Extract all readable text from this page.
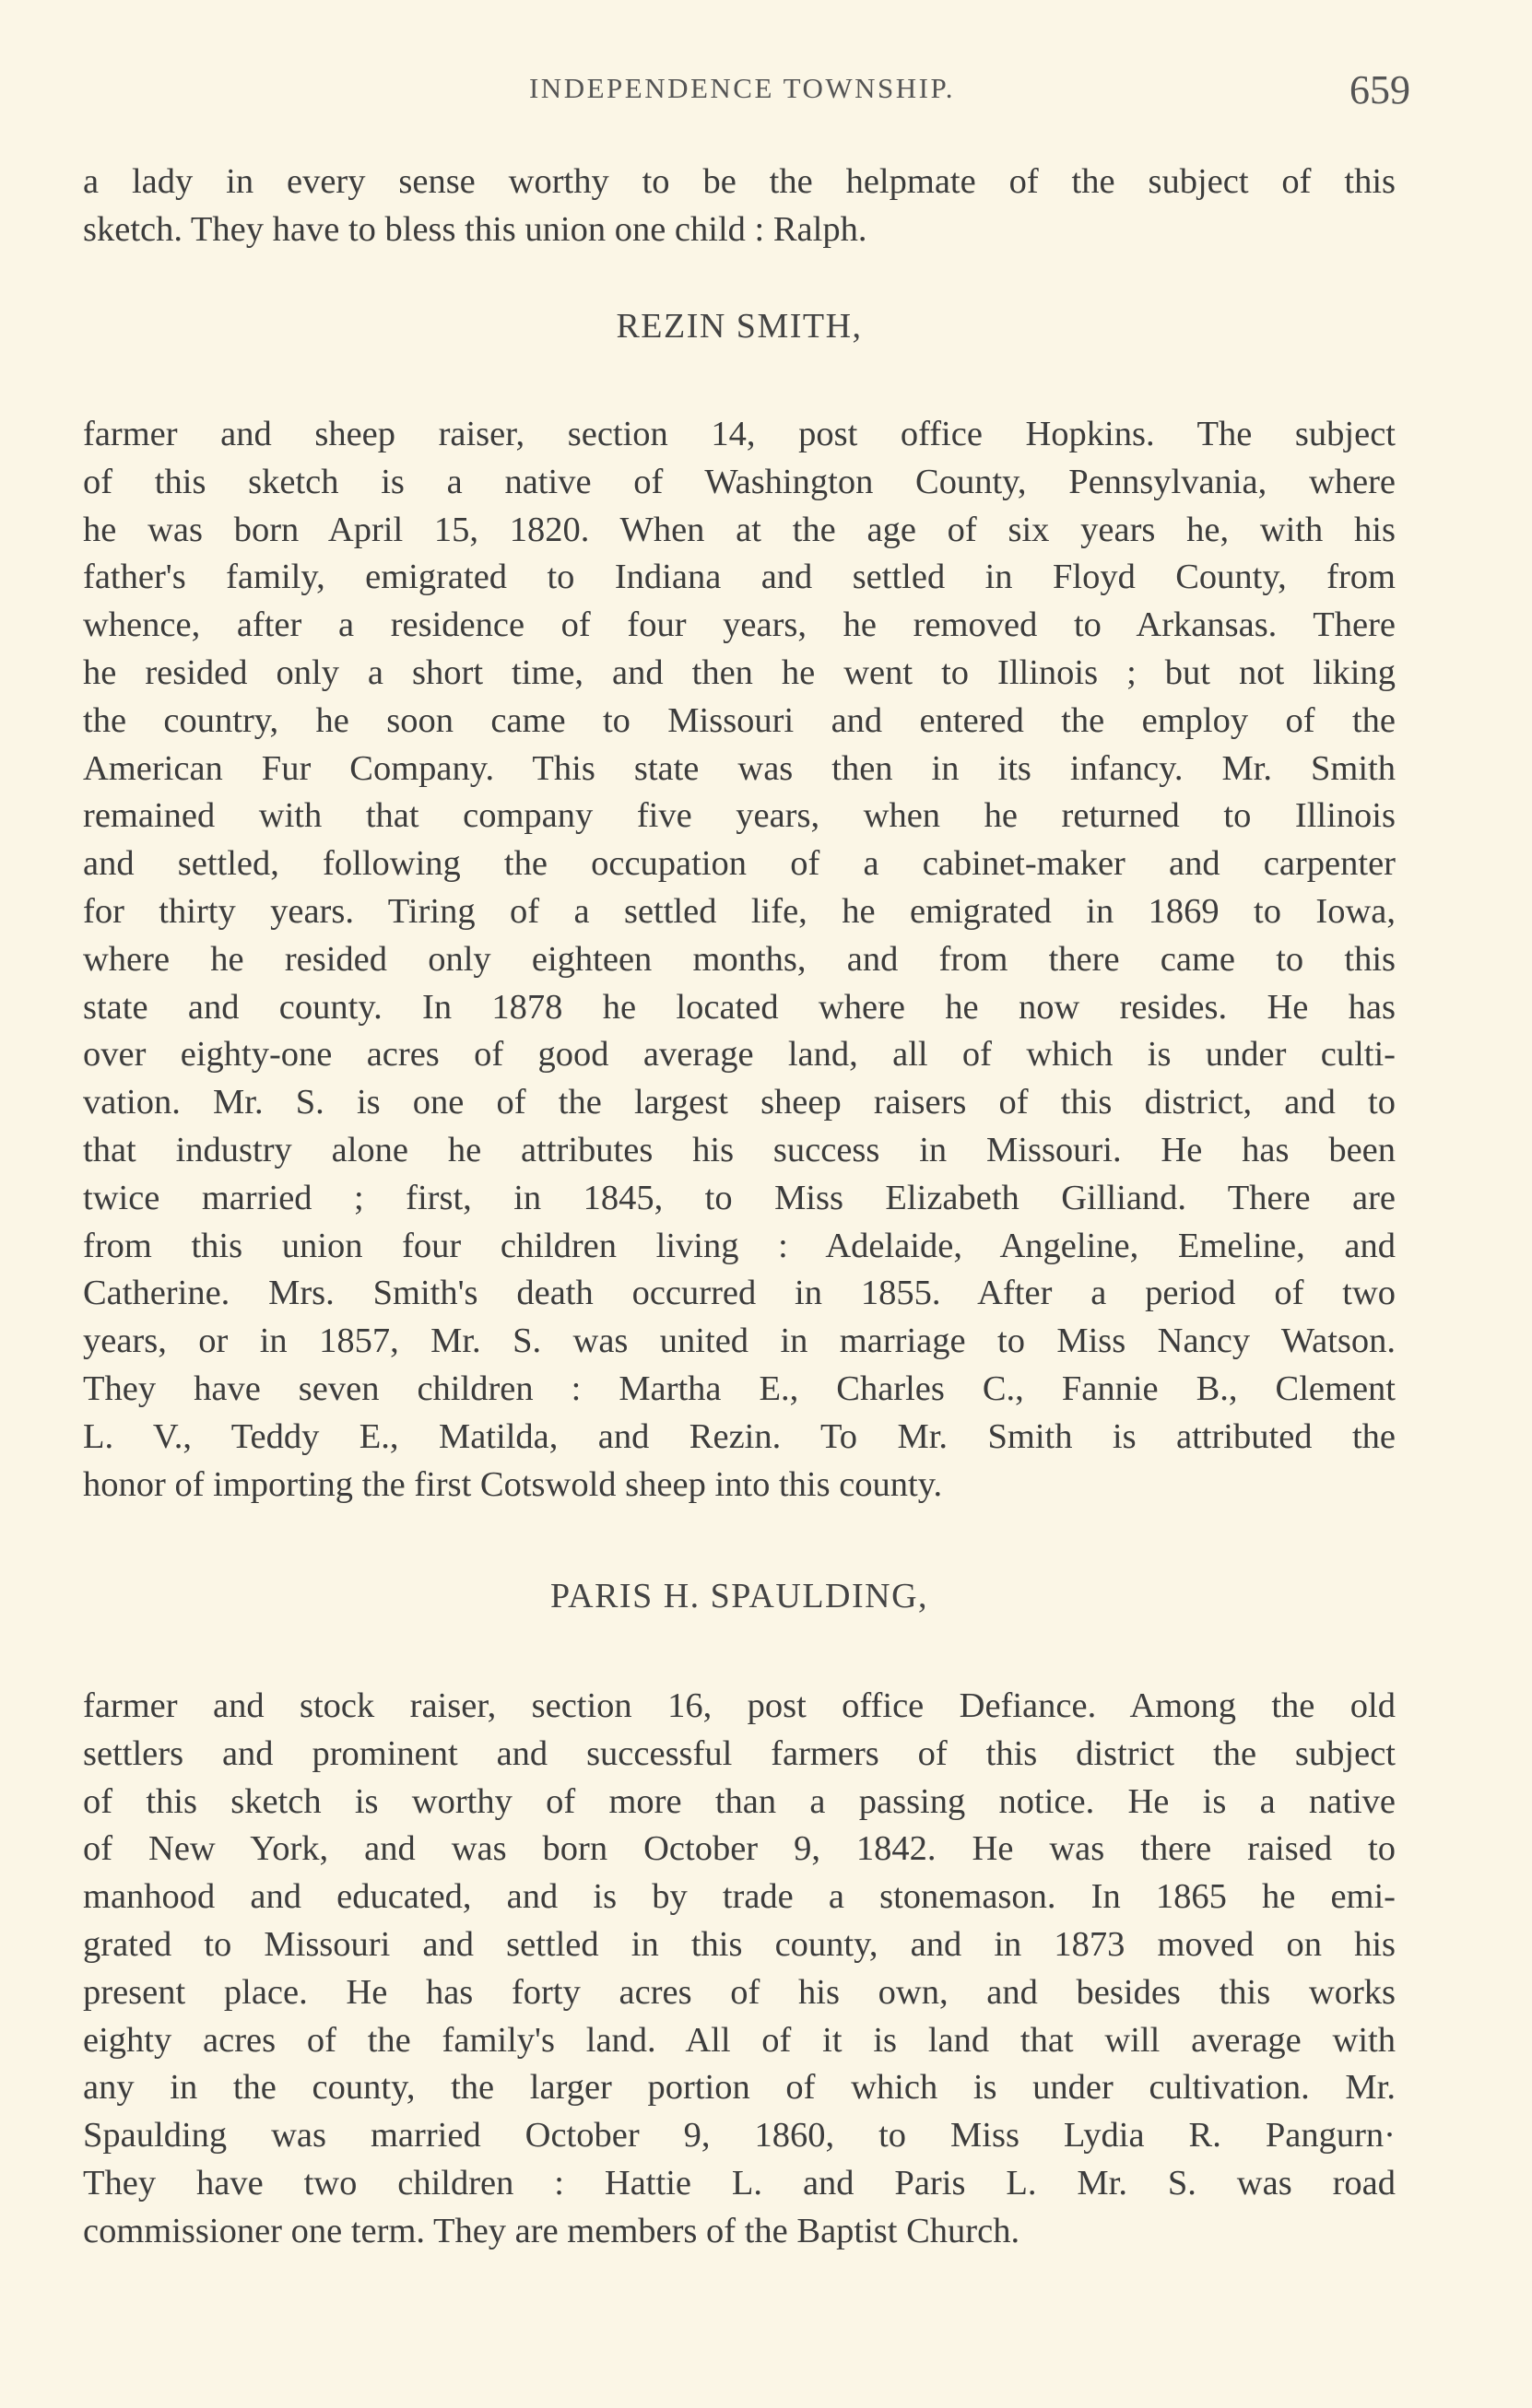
INDEPENDENCE TOWNSHIP.	659

a lady in every sense worthy to be the helpmate of the subject of this
sketch. They have to bless this union one child : Ralph.

REZIN SMITH,

farmer and sheep raiser, section 14, post office Hopkins. The subject
of this sketch is a native of Washington County, Pennsylvania, where
he was born April 15, 1820. When at the age of six years he, with his
father's family, emigrated to Indiana and settled in Floyd County, from
whence, after a residence of four years, he removed to Arkansas. There
he resided only a short time, and then he went to Illinois ; but not liking
the country, he soon came to Missouri and entered the employ of the
American Fur Company. This state was then in its infancy. Mr. Smith
remained with that company five years, when he returned to Illinois
and settled, following the occupation of a cabinet-maker and carpenter
for thirty years. Tiring of a settled life, he emigrated in 1869 to Iowa,
where he resided only eighteen months, and from there came to this
state and county. In 1878 he located where he now resides. He has
over eighty-one acres of good average land, all of which is under culti-
vation. Mr. S. is one of the largest sheep raisers of this district, and to
that industry alone he attributes his success in Missouri. He has been
twice married ; first, in 1845, to Miss Elizabeth Gilliand. There are
from this union four children living : Adelaide, Angeline, Emeline, and
Catherine. Mrs. Smith's death occurred in 1855. After a period of two
years, or in 1857, Mr. S. was united in marriage to Miss Nancy Watson.
They have seven children : Martha E., Charles C., Fannie B., Clement
L. V., Teddy E., Matilda, and Rezin. To Mr. Smith is attributed the
honor of importing the first Cotswold sheep into this county.

PARIS H. SPAULDING,

farmer and stock raiser, section 16, post office Defiance. Among the old
settlers and prominent and successful farmers of this district the subject
of this sketch is worthy of more than a passing notice. He is a native
of New York, and was born October 9, 1842. He was there raised to
manhood and educated, and is by trade a stonemason. In 1865 he emi-
grated to Missouri and settled in this county, and in 1873 moved on his
present place. He has forty acres of his own, and besides this works
eighty acres of the family's land. All of it is land that will average with
any in the county, the larger portion of which is under cultivation. Mr.
Spaulding was married October 9, 1860, to Miss Lydia R. Pangurn·
They have two children : Hattie L. and Paris L. Mr. S. was road
commissioner one term. They are members of the Baptist Church.
